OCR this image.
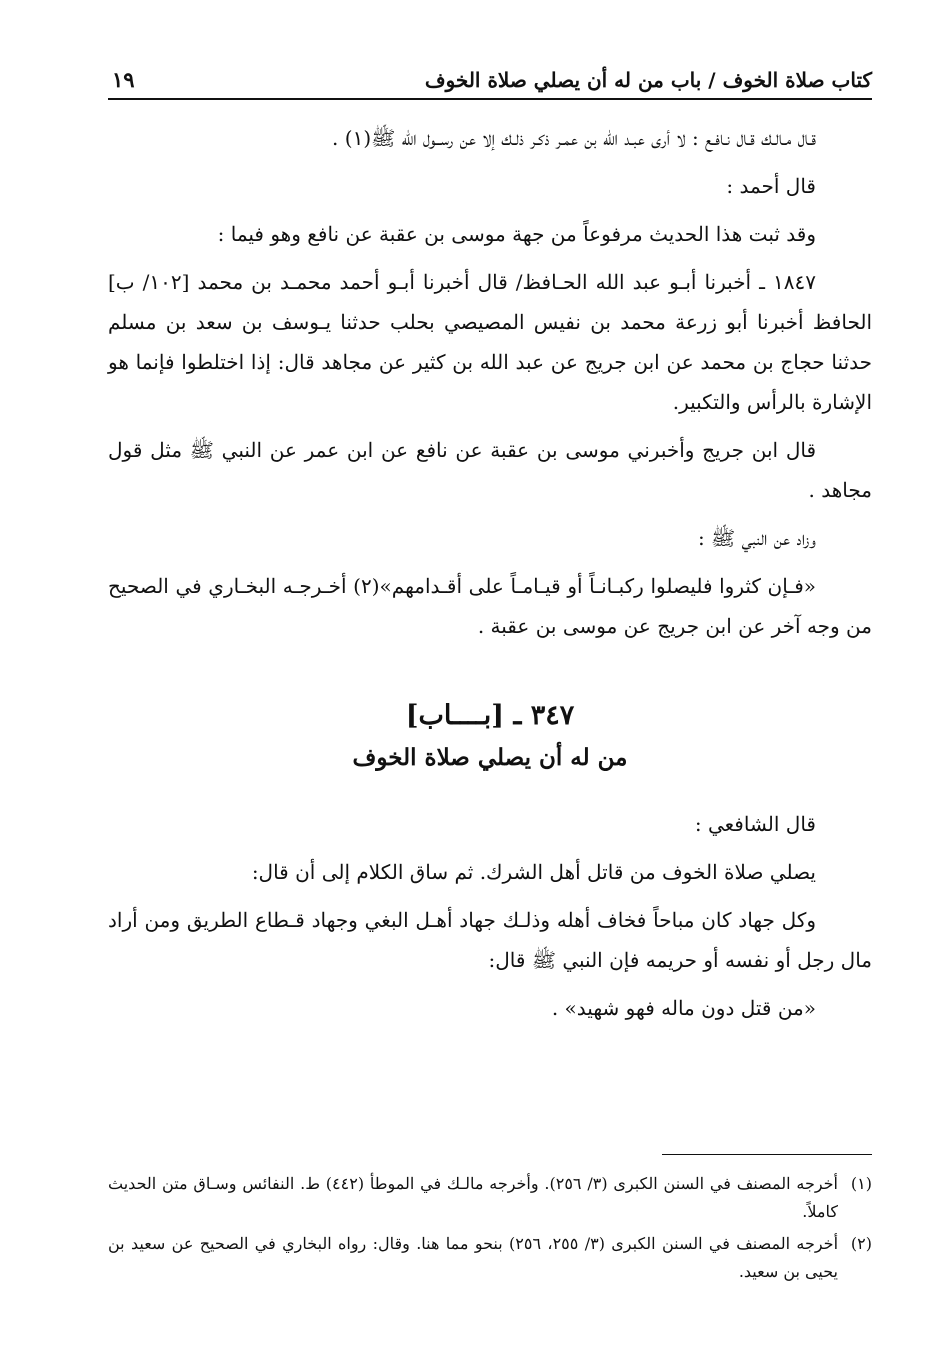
كتاب صلاة الخوف / باب من له أن يصلي صلاة الخوف
١٩

قـال مـالـك قـال نـافـع : لا أرى عبـد الله بن عمـر ذكـر ذلـك إلا عن رســول الله ﷺ(١) .

قال أحمد :

وقد ثبت هذا الحديث مرفوعاً من جهة موسى بن عقبة عن نافع وهو فيما :

١٨٤٧ ـ أخبرنا أبـو عبد الله الحـافظ/ قال أخبرنا أبـو أحمد محمـد بن محمد [١٠٢/ ب] الحافظ أخبرنا أبو زرعة محمد بن نفيس المصيصي بحلب حدثنا يـوسف بن سعد بن مسلم حدثنا حجاج بن محمد عن ابن جريج عن عبد الله بن كثير عن مجاهد قال: إذا اختلطوا فإنما هو الإشارة بالرأس والتكبير.

قال ابن جريج وأخبرني موسى بن عقبة عن نافع عن ابن عمر عن النبي ﷺ مثل قول مجاهد .

وزاد عن النبي ﷺ :

«فـإن كثروا فليصلوا ركبـانـاً أو قيـامـاً على أقـدامهم»(٢) أخـرجـه البخـاري في الصحيح من وجه آخر عن ابن جريج عن موسى بن عقبة .

٣٤٧ ـ [بــــاب]
من له أن يصلي صلاة الخوف

قال الشافعي :

يصلي صلاة الخوف من قاتل أهل الشرك. ثم ساق الكلام إلى أن قال:

وكل جهاد كان مباحاً فخاف أهله وذلـك جهاد أهـل البغي وجهاد قـطاع الطريق ومن أراد مال رجل أو نفسه أو حريمه فإن النبي ﷺ قال:

«من قتل دون ماله فهو شهيد» .

(١)أخرجه المصنف في السنن الكبرى (٣/ ٢٥٦). وأخرجه مالـك في الموطأ (٤٤٢) ط. النفائس وسـاق متن الحديث كاملاً.

(٢)أخرجه المصنف في السنن الكبرى (٣/ ٢٥٥، ٢٥٦) بنحو مما هنا. وقال: رواه البخاري في الصحيح عن سعيد بن يحيى بن سعيد.
